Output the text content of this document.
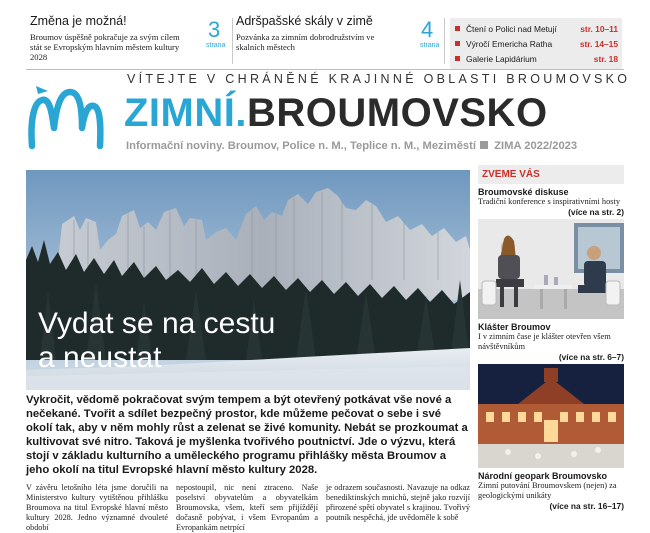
Změna je možná!
Broumov úspěšně pokračuje za svým cílem stát se Evropským hlavním městem kultury 2028
3
strana
Adršpašské skály v zimě
Pozvánka za zimním dobrodružstvím ve skalních městech
4
strana
Čtení o Polici nad Metují	str. 10–11
Výročí Emericha Ratha	str. 14–15
Galerie Lapidárium	str. 18
VÍTEJTE V CHRÁNĚNÉ KRAJINNÉ OBLASTI BROUMOVSKO
ZIMNÍ.BROUMOVSKO
Informační noviny. Broumov, Police n. M., Teplice n. M., Meziměstí ZIMA 2022/2023
Vydat se na cestu
a neustat
Vykročit, vědomě pokračovat svým tempem a být otevřený potkávat vše nové a nečekané. Tvořit a sdílet bezpečný prostor, kde můžeme pečovat o sebe i své okolí tak, aby v něm mohly růst a zelenat se živé komunity. Nebát se prozkoumat a kultivovat své nitro. Taková je myšlenka tvořivého poutnictví. Jde o výzvu, která stojí v základu kulturního a uměleckého programu přihlášky města Broumov a jeho okolí na titul Evropské hlavní město kultury 2028.
V závěru letošního léta jsme doručili na Ministerstvo kultury vytištěnou přihlášku Broumova na titul Evropské hlavní město kultury 2028. Jedno významné dvouleté období
nepostoupil, nic není ztraceno. Naše poselství obyvatelům a obyvatelkám Broumovska, všem, kteří sem přijíždějí dočasně pobývat, i všem Evropanům a Evropankám netrpící
je odrazem současnosti. Navazuje na odkaz benediktinských mnichů, stejně jako rozvíjí přirozené spětí obyvatel s krajinou. Tvořivý poutník nespěchá, jde uvědoměle k sobě
ZVEME VÁS
Broumovské diskuse
Tradiční konference s inspirativními hosty
(více na str. 2)
Klášter Broumov
I v zimním čase je klášter otevřen všem návštěvníkům
(více na str. 6–7)
Národní geopark Broumovsko
Zimní putování Broumovskem (nejen) za geologickými unikáty
(více na str. 16–17)
